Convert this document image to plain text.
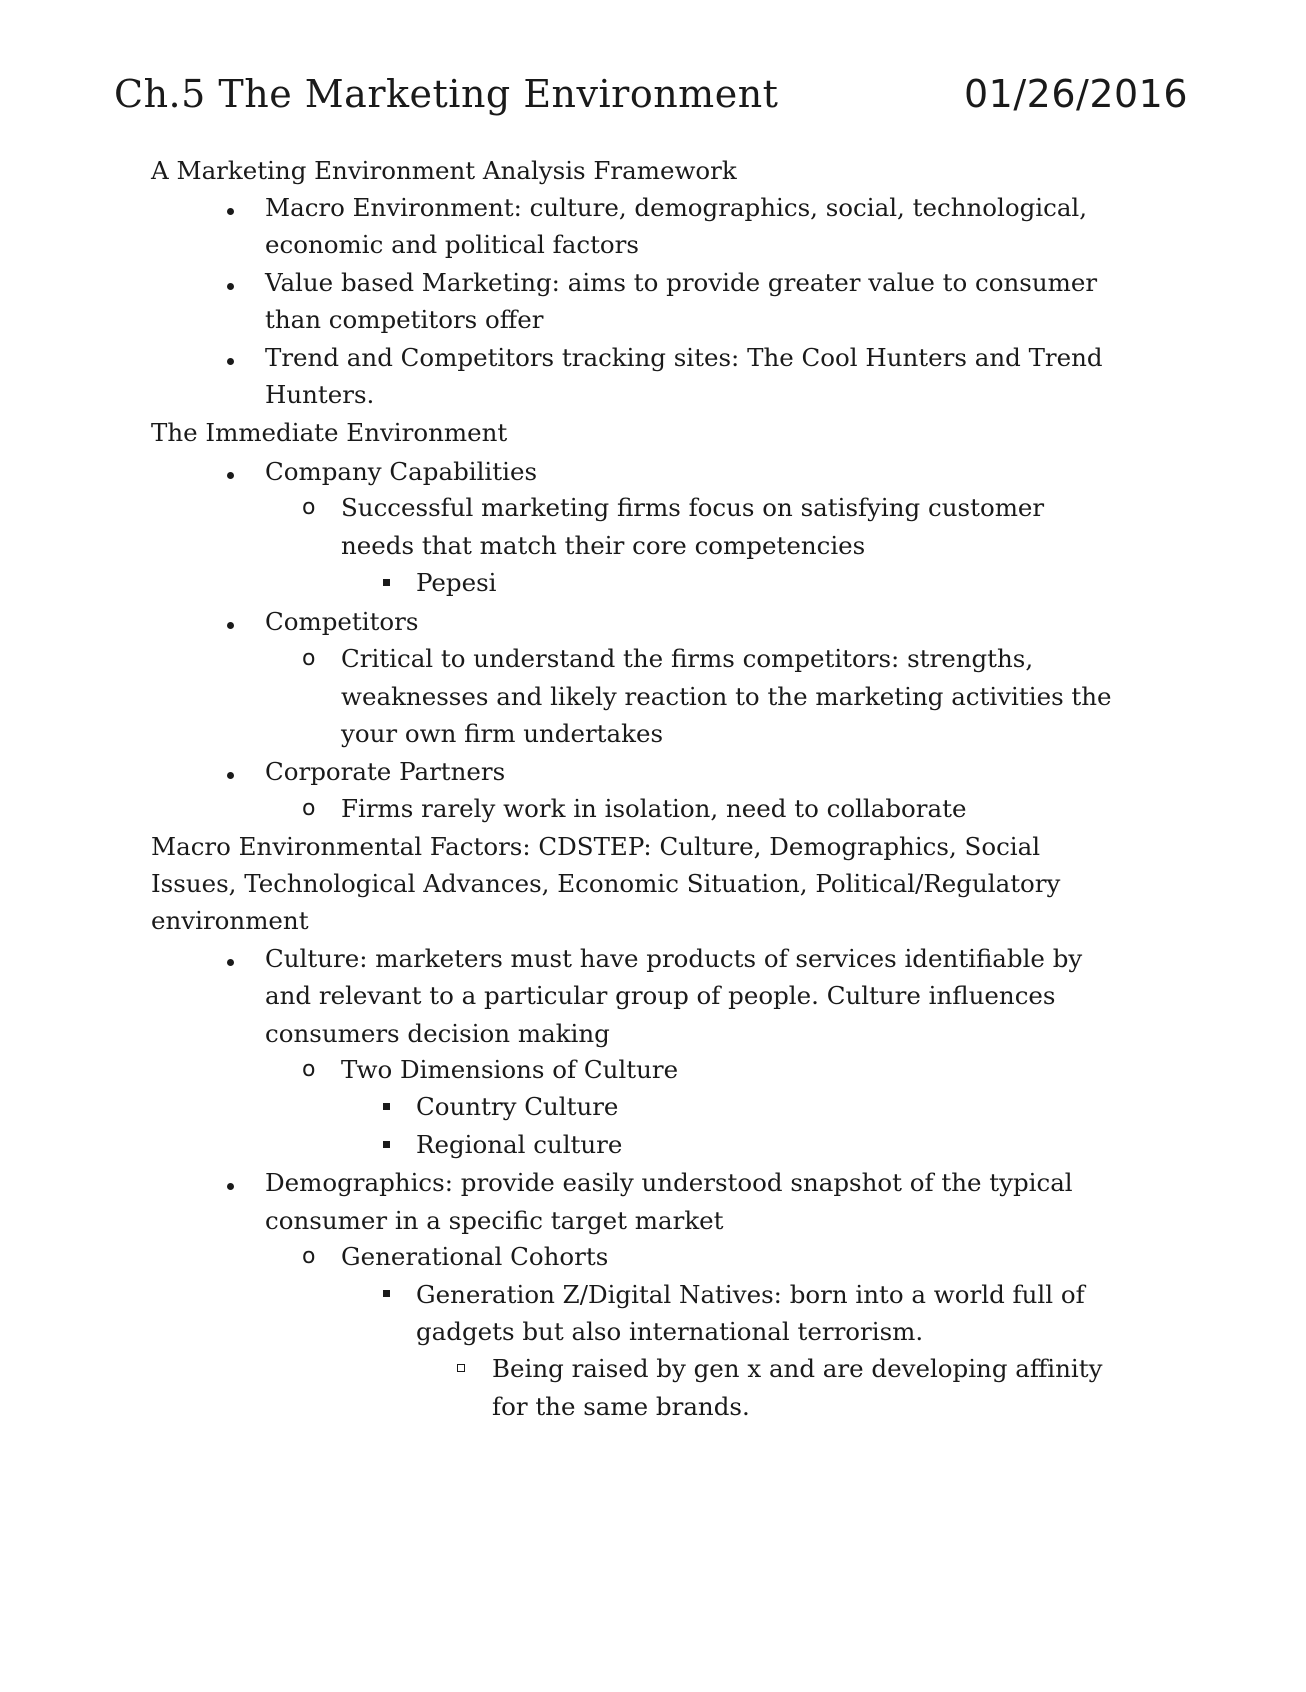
Ch.5 The Marketing Environment	01/26/2016
A Marketing Environment Analysis Framework
Macro Environment: culture, demographics, social, technological,
economic and political factors
Value based Marketing: aims to provide greater value to consumer
than competitors offer
Trend and Competitors tracking sites: The Cool Hunters and Trend
Hunters.
The Immediate Environment
Company Capabilities
o Successful marketing firms focus on satisfying customer
needs that match their core competencies
Pepesi
Competitors
o Critical to understand the firms competitors: strengths,
weaknesses and likely reaction to the marketing activities the
your own firm undertakes
Corporate Partners
o Firms rarely work in isolation, need to collaborate
Macro Environmental Factors: CDSTEP: Culture, Demographics, Social
Issues, Technological Advances, Economic Situation, Political/Regulatory
environment
Culture: marketers must have products of services identifiable by
and relevant to a particular group of people. Culture influences
consumers decision making
o Two Dimensions of Culture
Country Culture
Regional culture
Demographics: provide easily understood snapshot of the typical
consumer in a specific target market
o Generational Cohorts
Generation Z/Digital Natives: born into a world full of
gadgets but also international terrorism.
Being raised by gen x and are developing affinity
for the same brands.
